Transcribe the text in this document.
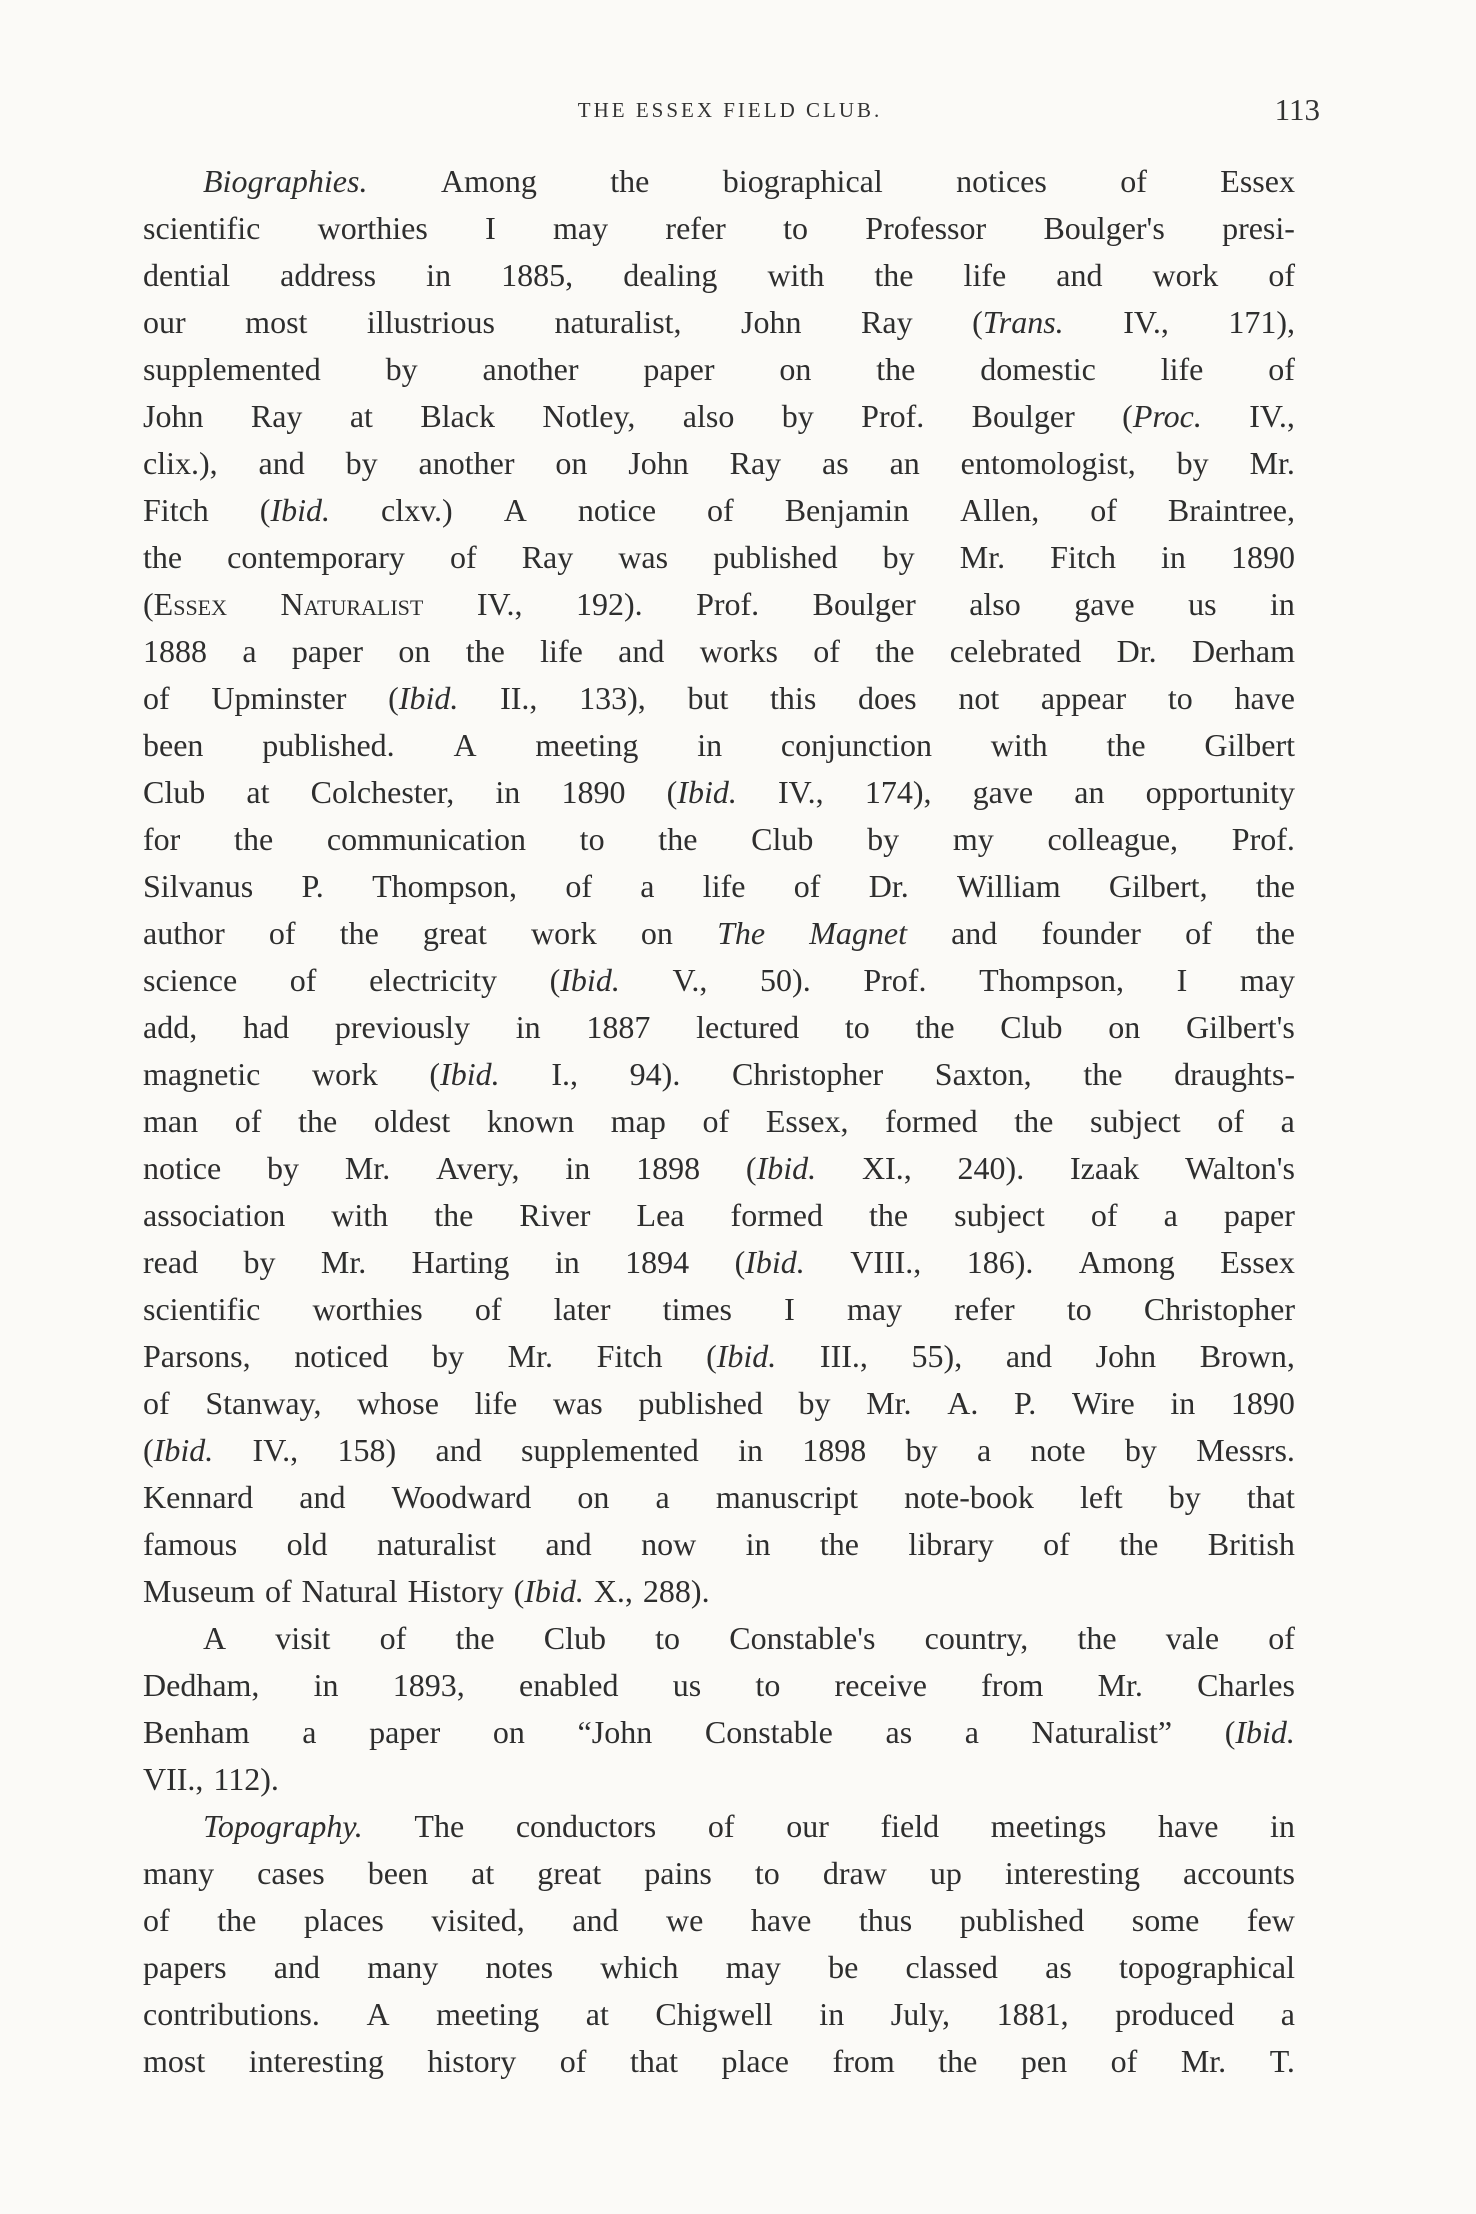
THE ESSEX FIELD CLUB.	113
Biographies. Among the biographical notices of Essex
scientific worthies I may refer to Professor Boulger's presi-
dential address in 1885, dealing with the life and work of
our most illustrious naturalist, John Ray (Trans. IV., 171),
supplemented by another paper on the domestic life of
John Ray at Black Notley, also by Prof. Boulger (Proc. IV.,
clix.), and by another on John Ray as an entomologist, by Mr.
Fitch (Ibid. clxv.) A notice of Benjamin Allen, of Braintree,
the contemporary of Ray was published by Mr. Fitch in 1890
(Essex Naturalist IV., 192). Prof. Boulger also gave us in
1888 a paper on the life and works of the celebrated Dr. Derham
of Upminster (Ibid. II., 133), but this does not appear to have
been published. A meeting in conjunction with the Gilbert
Club at Colchester, in 1890 (Ibid. IV., 174), gave an opportunity
for the communication to the Club by my colleague, Prof.
Silvanus P. Thompson, of a life of Dr. William Gilbert, the
author of the great work on The Magnet and founder of the
science of electricity (Ibid. V., 50). Prof. Thompson, I may
add, had previously in 1887 lectured to the Club on Gilbert's
magnetic work (Ibid. I., 94). Christopher Saxton, the draughts-
man of the oldest known map of Essex, formed the subject of a
notice by Mr. Avery, in 1898 (Ibid. XI., 240). Izaak Walton's
association with the River Lea formed the subject of a paper
read by Mr. Harting in 1894 (Ibid. VIII., 186). Among Essex
scientific worthies of later times I may refer to Christopher
Parsons, noticed by Mr. Fitch (Ibid. III., 55), and John Brown,
of Stanway, whose life was published by Mr. A. P. Wire in 1890
(Ibid. IV., 158) and supplemented in 1898 by a note by Messrs.
Kennard and Woodward on a manuscript note-book left by that
famous old naturalist and now in the library of the British
Museum of Natural History (Ibid. X., 288).
A visit of the Club to Constable's country, the vale of
Dedham, in 1893, enabled us to receive from Mr. Charles
Benham a paper on “John Constable as a Naturalist” (Ibid.
VII., 112).
Topography. The conductors of our field meetings have in
many cases been at great pains to draw up interesting accounts
of the places visited, and we have thus published some few
papers and many notes which may be classed as topographical
contributions. A meeting at Chigwell in July, 1881, produced a
most interesting history of that place from the pen of Mr. T.
